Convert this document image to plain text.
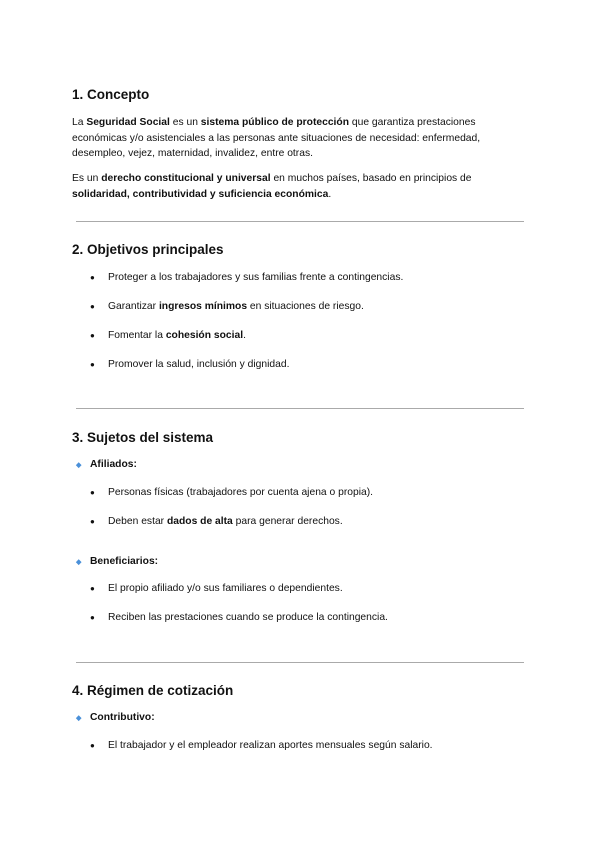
1. Concepto

La Seguridad Social es un sistema público de protección que garantiza prestaciones económicas y/o asistenciales a las personas ante situaciones de necesidad: enfermedad, desempleo, vejez, maternidad, invalidez, entre otras.

Es un derecho constitucional y universal en muchos países, basado en principios de solidaridad, contributividad y suficiencia económica.

2. Objetivos principales
●	Proteger a los trabajadores y sus familias frente a contingencias.
●	Garantizar ingresos mínimos en situaciones de riesgo.
●	Fomentar la cohesión social.
●	Promover la salud, inclusión y dignidad.
3. Sujetos del sistema
◆ Afiliados:
●	Personas físicas (trabajadores por cuenta ajena o propia).
●	Deben estar dados de alta para generar derechos.
◆ Beneficiarios:
●	El propio afiliado y/o sus familiares o dependientes.
●	Reciben las prestaciones cuando se produce la contingencia.
4. Régimen de cotización
◆ Contributivo:
●	El trabajador y el empleador realizan aportes mensuales según salario.
